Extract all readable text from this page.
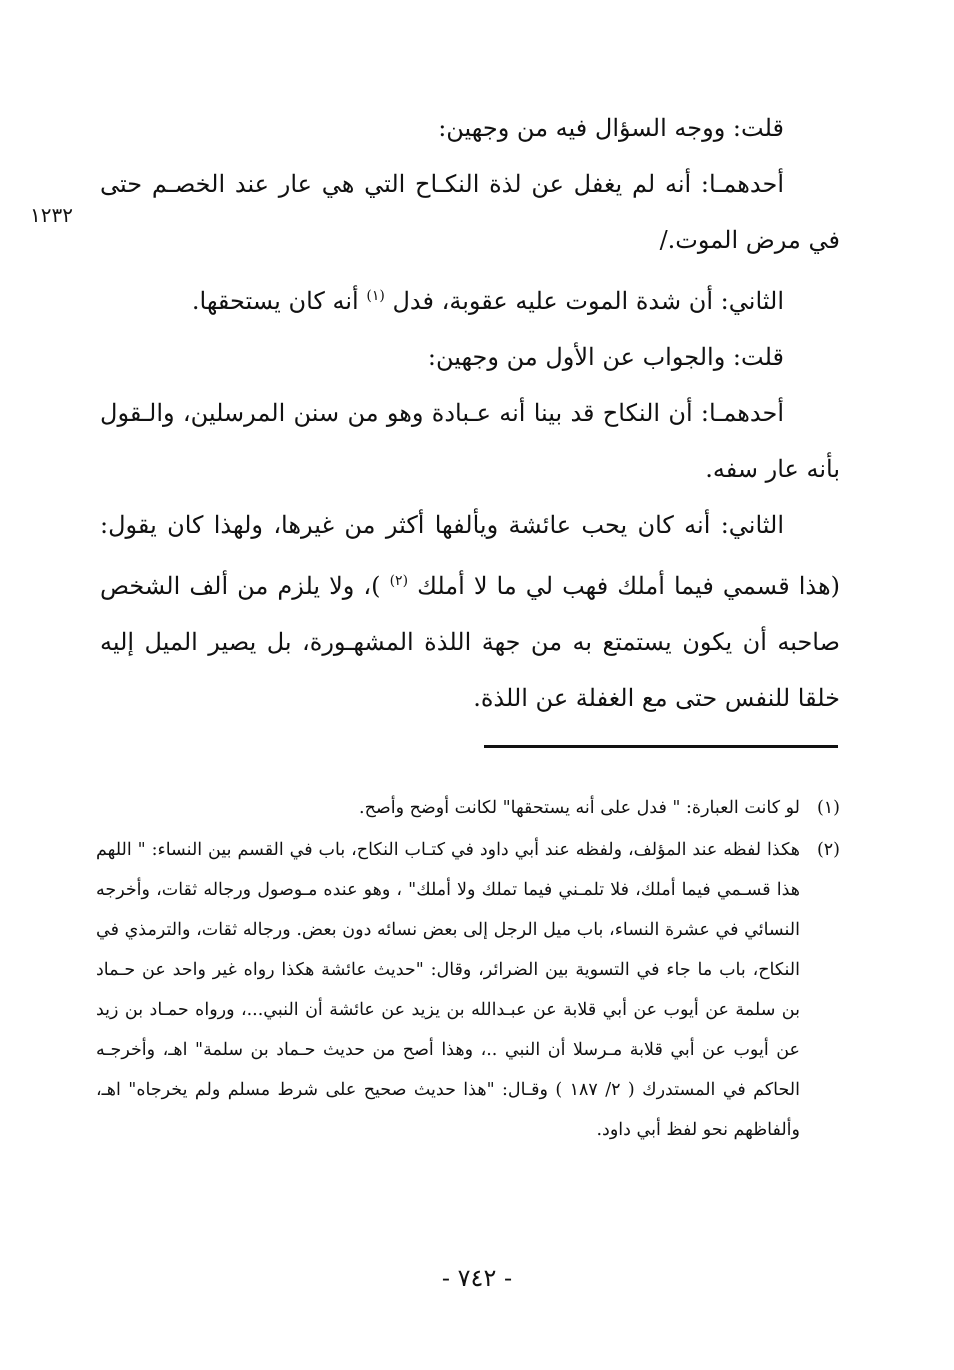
١٢٣٢

قلت: ووجه السؤال فيه من وجهين:

أحدهمـا: أنه لم يغفل عن لذة النكـاح التي هي عار عند الخصـم حتى في مرض الموت./

الثاني: أن شدة الموت عليه عقوبة، فدل $^{(١)}$ أنه كان يستحقها.

قلت: والجواب عن الأول من وجهين:

أحدهمـا: أن النكاح قد بينا أنه عـبادة وهو من سنن المرسلين، والـقول بأنه عار سفه.

الثاني: أنه كان يحب عائشة ويألفها أكثر من غيرها، ولهذا كان يقول: (هذا قسمي فيما أملك فهب لي ما لا أملك $^{(٢)}$ )، ولا يلزم من ألف الشخص صاحبه أن يكون يستمتع به من جهة اللذة المشهـورة، بل يصير الميل إليه خلقا للنفس حتى مع الغفلة عن اللذة.

(١)
لو كانت العبارة: " فدل على أنه يستحقها" لكانت أوضح وأصح.
(٢)
هكذا لفظه عند المؤلف، ولفظه عند أبي داود في كتـاب النكاح، باب في القسم بين النساء: " اللهم هذا قسـمي فيما أملك، فلا تلمـني فيما تملك ولا أملك" ، وهو عنده مـوصول ورجاله ثقات، وأخرجه النسائي في عشرة النساء، باب ميل الرجل إلى بعض نسائه دون بعض. ورجاله ثقات، والترمذي في النكاح، باب ما جاء في التسوية بين الضرائر، وقال: "حديث عائشة هكذا رواه غير واحد عن حـماد بن سلمة عن أيوب عن أبي قلابة عن عبـدالله بن يزيد عن عائشة أن النبي...، ورواه حمـاد بن زيد عن أيوب عن أبي قلابة مـرسلا أن النبي ..، وهذا أصح من حديث حـماد بن سلمة" اهـ، وأخرجـه الحاكم في المستدرك ( ٢/ ١٨٧ ) وقـال: "هذا حديث صحيح على شرط مسلم ولم يخرجاه" اهـ، وألفاظهم نحو لفظ أبي داود.
- ٧٤٢ -
